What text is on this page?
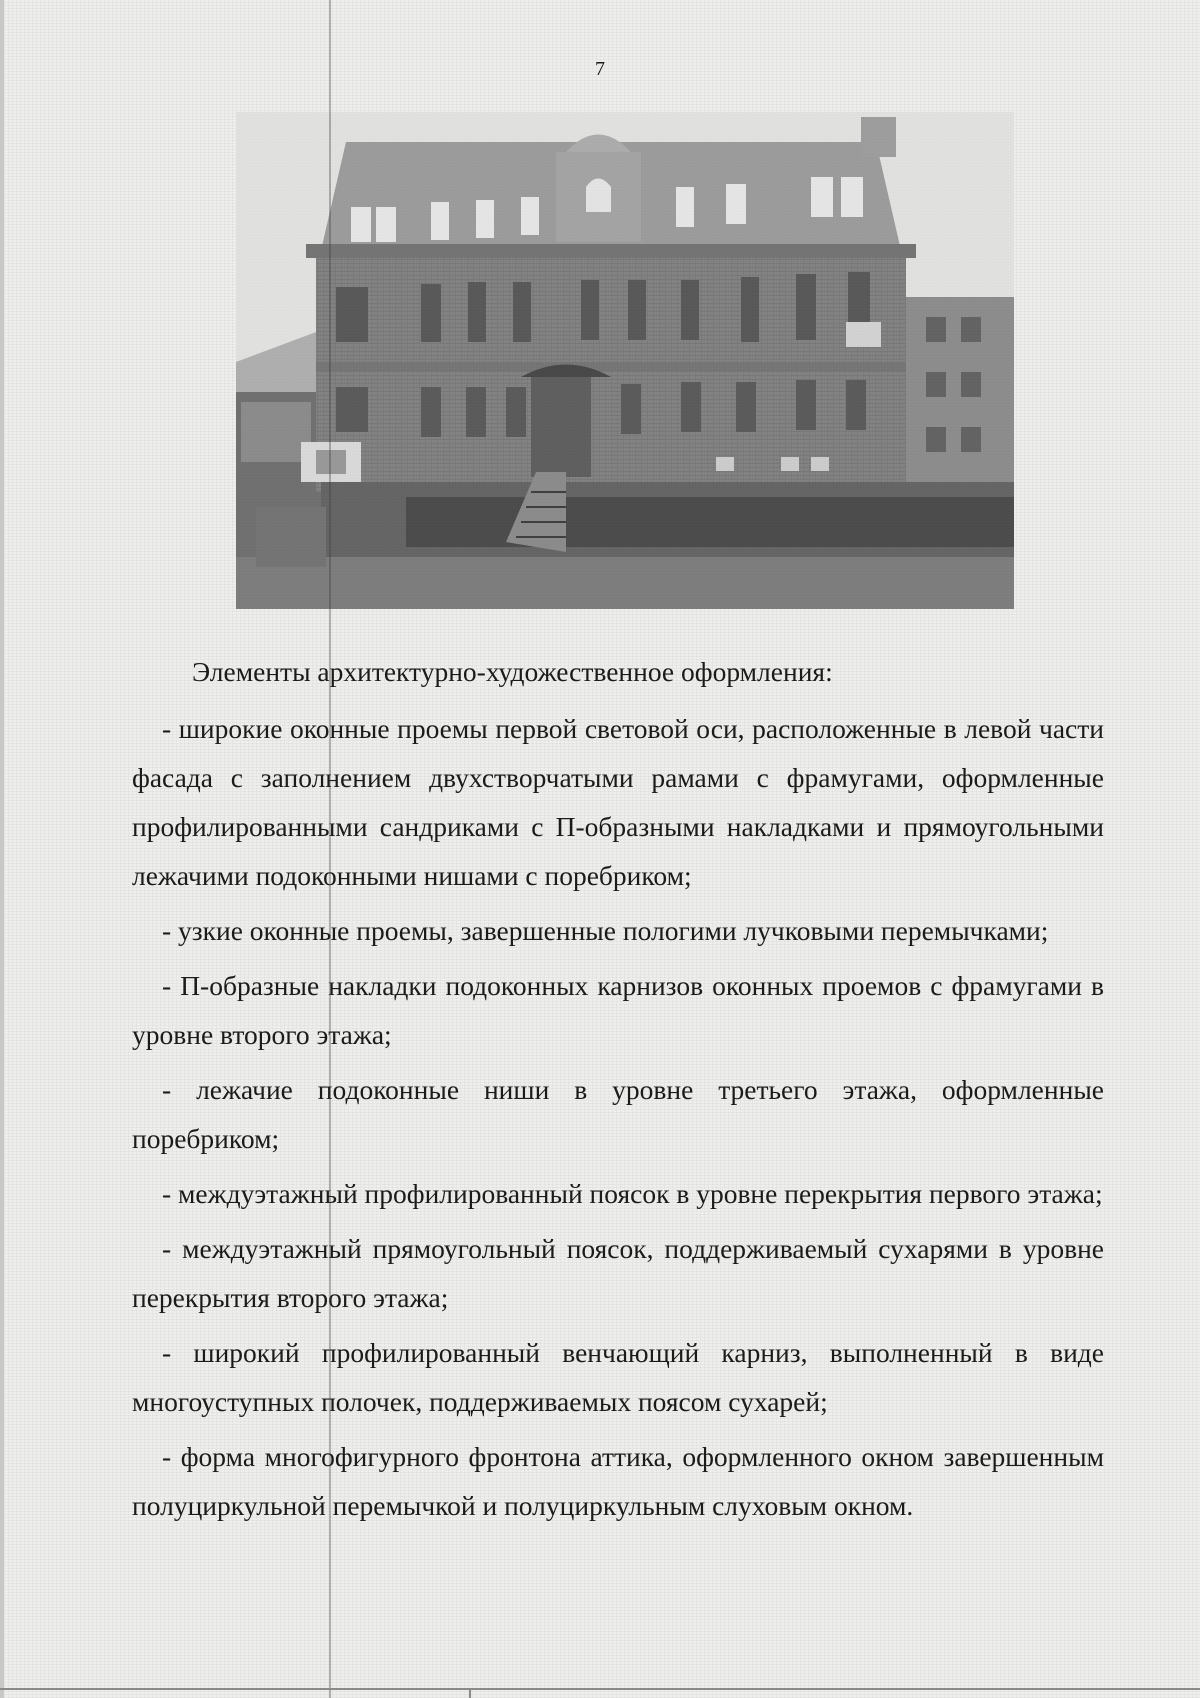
7

Элементы архитектурно-художественное оформления:

- широкие оконные проемы первой световой оси, расположенные в левой части фасада с заполнением двухстворчатыми рамами с фрамугами, оформленные профилированными сандриками с П-образными накладками и прямоугольными лежачими подоконными нишами с поребриком;

- узкие оконные проемы, завершенные пологими лучковыми перемычками;

- П-образные накладки подоконных карнизов оконных проемов с фрамугами в уровне второго этажа;

- лежачие подоконные ниши в уровне третьего этажа, оформленные поребриком;

- междуэтажный профилированный поясок в уровне перекрытия первого этажа;

- междуэтажный прямоугольный поясок, поддерживаемый сухарями в уровне перекрытия второго этажа;

- широкий профилированный венчающий карниз, выполненный в виде многоуступных полочек, поддерживаемых поясом сухарей;

- форма многофигурного фронтона аттика, оформленного окном завершенным полуциркульной перемычкой и полуциркульным слуховым окном.
